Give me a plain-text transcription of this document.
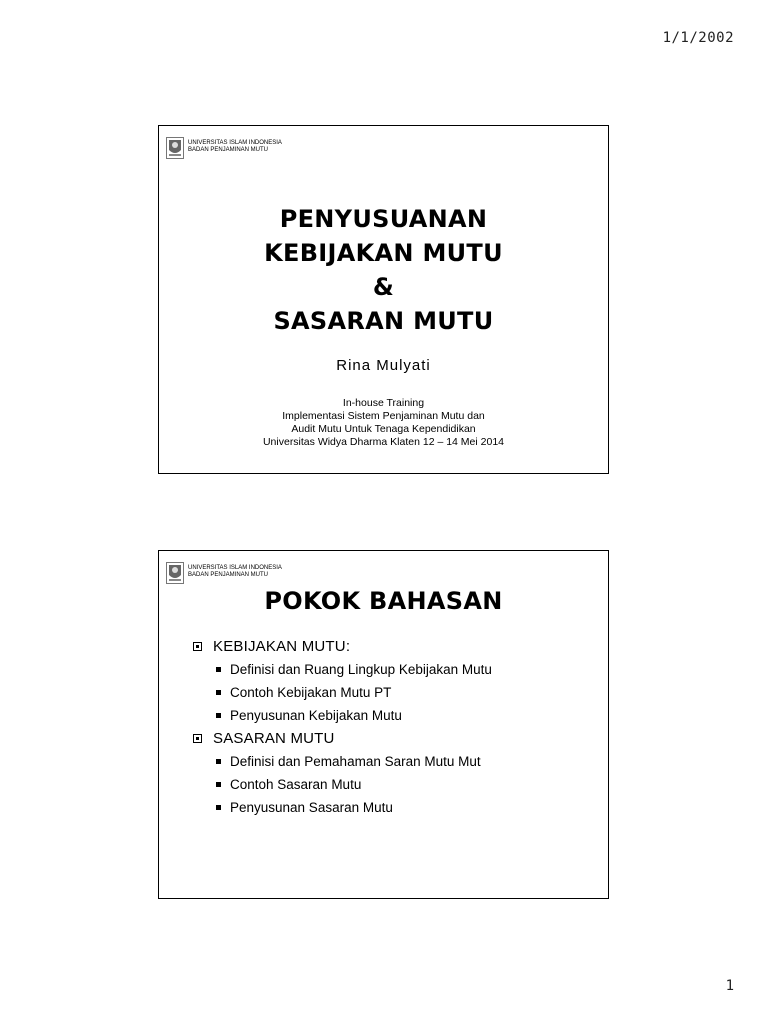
1/1/2002
UNIVERSITAS ISLAM INDONESIA
BADAN PENJAMINAN MUTU
PENYUSUANAN
KEBIJAKAN MUTU
&
SASARAN MUTU
Rina Mulyati
In-house Training
Implementasi Sistem Penjaminan Mutu dan
Audit Mutu Untuk Tenaga Kependidikan
Universitas Widya Dharma Klaten 12 – 14 Mei 2014
UNIVERSITAS ISLAM INDONESIA
BADAN PENJAMINAN MUTU
POKOK BAHASAN
KEBIJAKAN MUTU:
Definisi dan Ruang Lingkup Kebijakan Mutu
Contoh Kebijakan Mutu PT
Penyusunan Kebijakan Mutu
SASARAN MUTU
Definisi dan Pemahaman Saran Mutu Mut
Contoh Sasaran Mutu
Penyusunan Sasaran Mutu
1
